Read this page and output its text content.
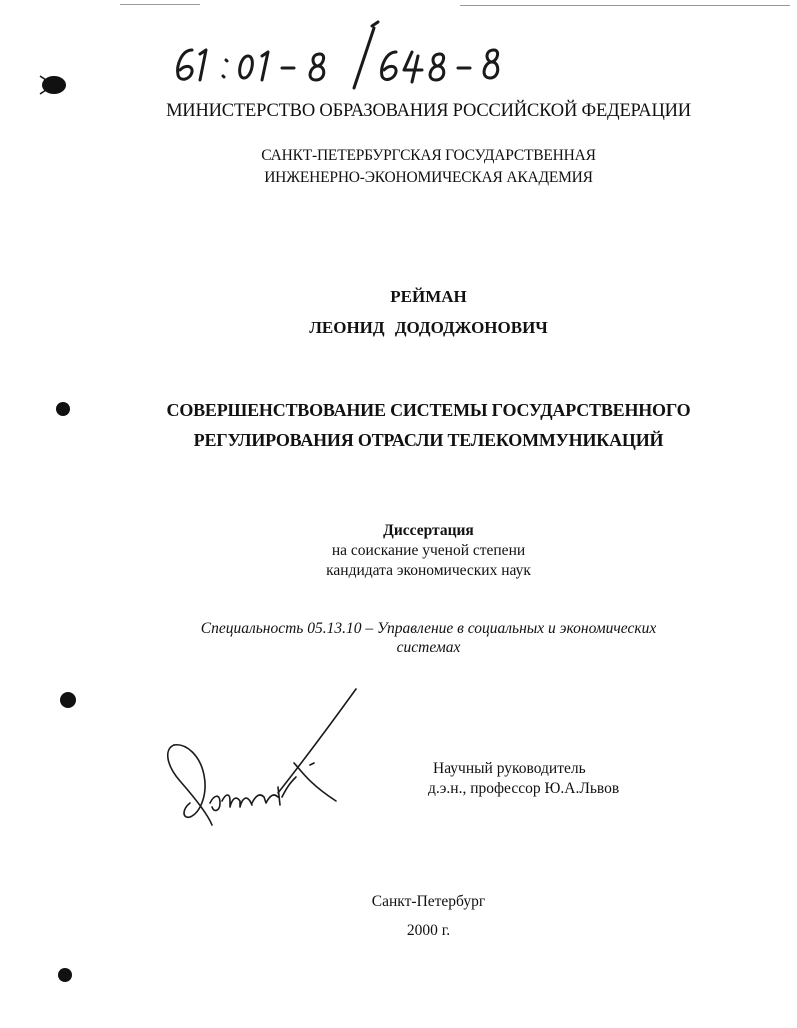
МИНИСТЕРСТВО ОБРАЗОВАНИЯ РОССИЙСКОЙ ФЕДЕРАЦИИ
САНКТ-ПЕТЕРБУРГСКАЯ ГОСУДАРСТВЕННАЯ
ИНЖЕНЕРНО-ЭКОНОМИЧЕСКАЯ АКАДЕМИЯ
РЕЙМАН
ЛЕОНИД ДОДОДЖОНОВИЧ
СОВЕРШЕНСТВОВАНИЕ СИСТЕМЫ ГОСУДАРСТВЕННОГО
РЕГУЛИРОВАНИЯ ОТРАСЛИ ТЕЛЕКОММУНИКАЦИЙ
Диссертация
на соискание ученой степени
кандидата экономических наук
Специальность 05.13.10 – Управление в социальных и экономических
системах
Научный руководитель
д.э.н., профессор Ю.А.Львов
Санкт-Петербург
2000 г.
